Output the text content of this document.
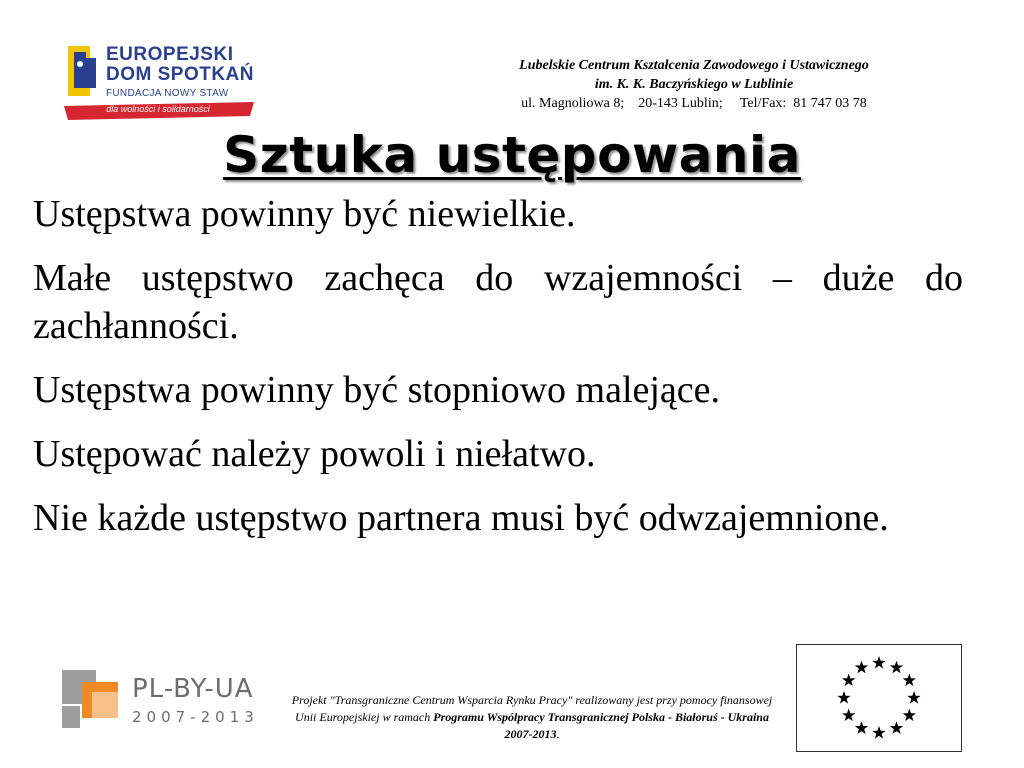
EUROPEJSKI
DOM SPOTKAŃ
FUNDACJA NOWY STAW
dla wolności i solidarności
Lubelskie Centrum Kształcenia Zawodowego i Ustawicznego
im. K. K. Baczyńskiego w Lublinie
ul. Magnoliowa 8;    20-143 Lublin;     Tel/Fax:  81 747 03 78
Sztuka ustępowania

Ustępstwa powinny być niewielkie.

Małe ustępstwo zachęca do wzajemności – duże do zachłanności.

Ustępstwa powinny być stopniowo malejące.

Ustępować należy powoli i niełatwo.

Nie każde ustępstwo partnera musi być odwzajemnione.

PL-BY-UA
2007-2013
Projekt "Transgraniczne Centrum Wsparcia Rynku Pracy" realizowany jest przy pomocy finansowej Unii Europejskiej w ramach Programu Współpracy Transgranicznej Polska - Białoruś - Ukraina 2007-2013.
